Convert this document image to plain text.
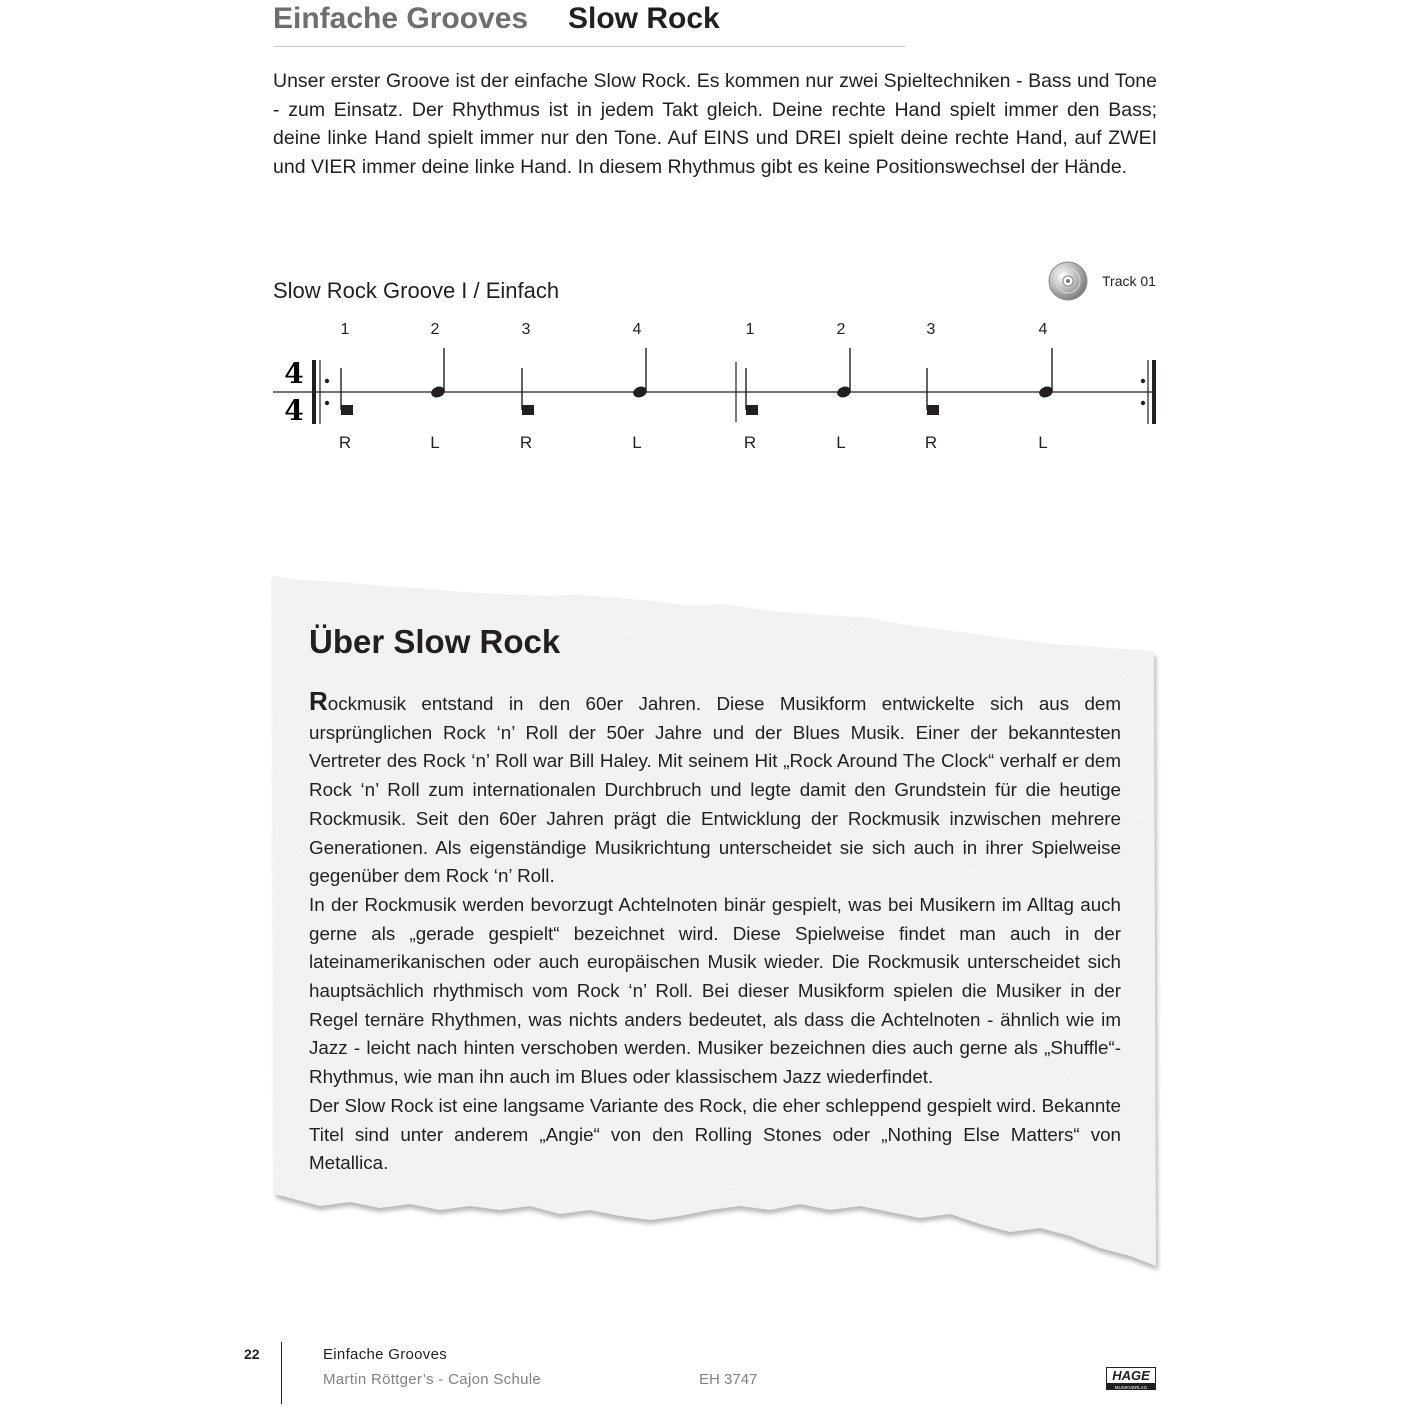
Einfache Grooves Slow Rock
Unser erster Groove ist der einfache Slow Rock. Es kommen nur zwei Spieltechniken - Bass und Tone - zum Einsatz. Der Rhythmus ist in jedem Takt gleich. Deine rechte Hand spielt immer den Bass; deine linke Hand spielt immer nur den Tone. Auf EINS und DREI spielt deine rechte Hand, auf ZWEI und VIER immer deine linke Hand. In diesem Rhythmus gibt es keine Positionswechsel der Hände.
Slow Rock Groove I / Einfach	Track 01
4
4
1
R
2
L
3
R
4
L
1
R
2
L
3
R
4
L
Über Slow Rock

Rockmusik entstand in den 60er Jahren. Diese Musikform entwickelte sich aus dem ursprünglichen Rock ‘n’ Roll der 50er Jahre und der Blues Musik. Einer der bekanntesten Vertreter des Rock ‘n’ Roll war Bill Haley. Mit seinem Hit „Rock Around The Clock“ verhalf er dem Rock ‘n’ Roll zum internationalen Durchbruch und legte damit den Grundstein für die heutige Rockmusik. Seit den 60er Jahren prägt die Entwicklung der Rockmusik inzwischen mehrere Generationen. Als eigenständige Musikrichtung unterscheidet sie sich auch in ihrer Spielweise gegenüber dem Rock ‘n’ Roll.

In der Rockmusik werden bevorzugt Achtelnoten binär gespielt, was bei Musikern im Alltag auch gerne als „gerade gespielt“ bezeichnet wird. Diese Spielweise findet man auch in der lateinamerikanischen oder auch europäischen Musik wieder. Die Rockmusik unterscheidet sich hauptsächlich rhythmisch vom Rock ‘n’ Roll. Bei dieser Musikform spielen die Musiker in der Regel ternäre Rhythmen, was nichts anders bedeutet, als dass die Achtelnoten - ähnlich wie im Jazz - leicht nach hinten verschoben werden. Musiker bezeichnen dies auch gerne als „Shuffle“-Rhythmus, wie man ihn auch im Blues oder klassischem Jazz wiederfindet.

Der Slow Rock ist eine langsame Variante des Rock, die eher schleppend gespielt wird. Bekannte Titel sind unter anderem „Angie“ von den Rolling Stones oder „Nothing Else Matters“ von Metallica.

22	Einfache Grooves
Martin Röttger’s - Cajon Schule	EH 3747	HAGE
MUSIKVERLAG
